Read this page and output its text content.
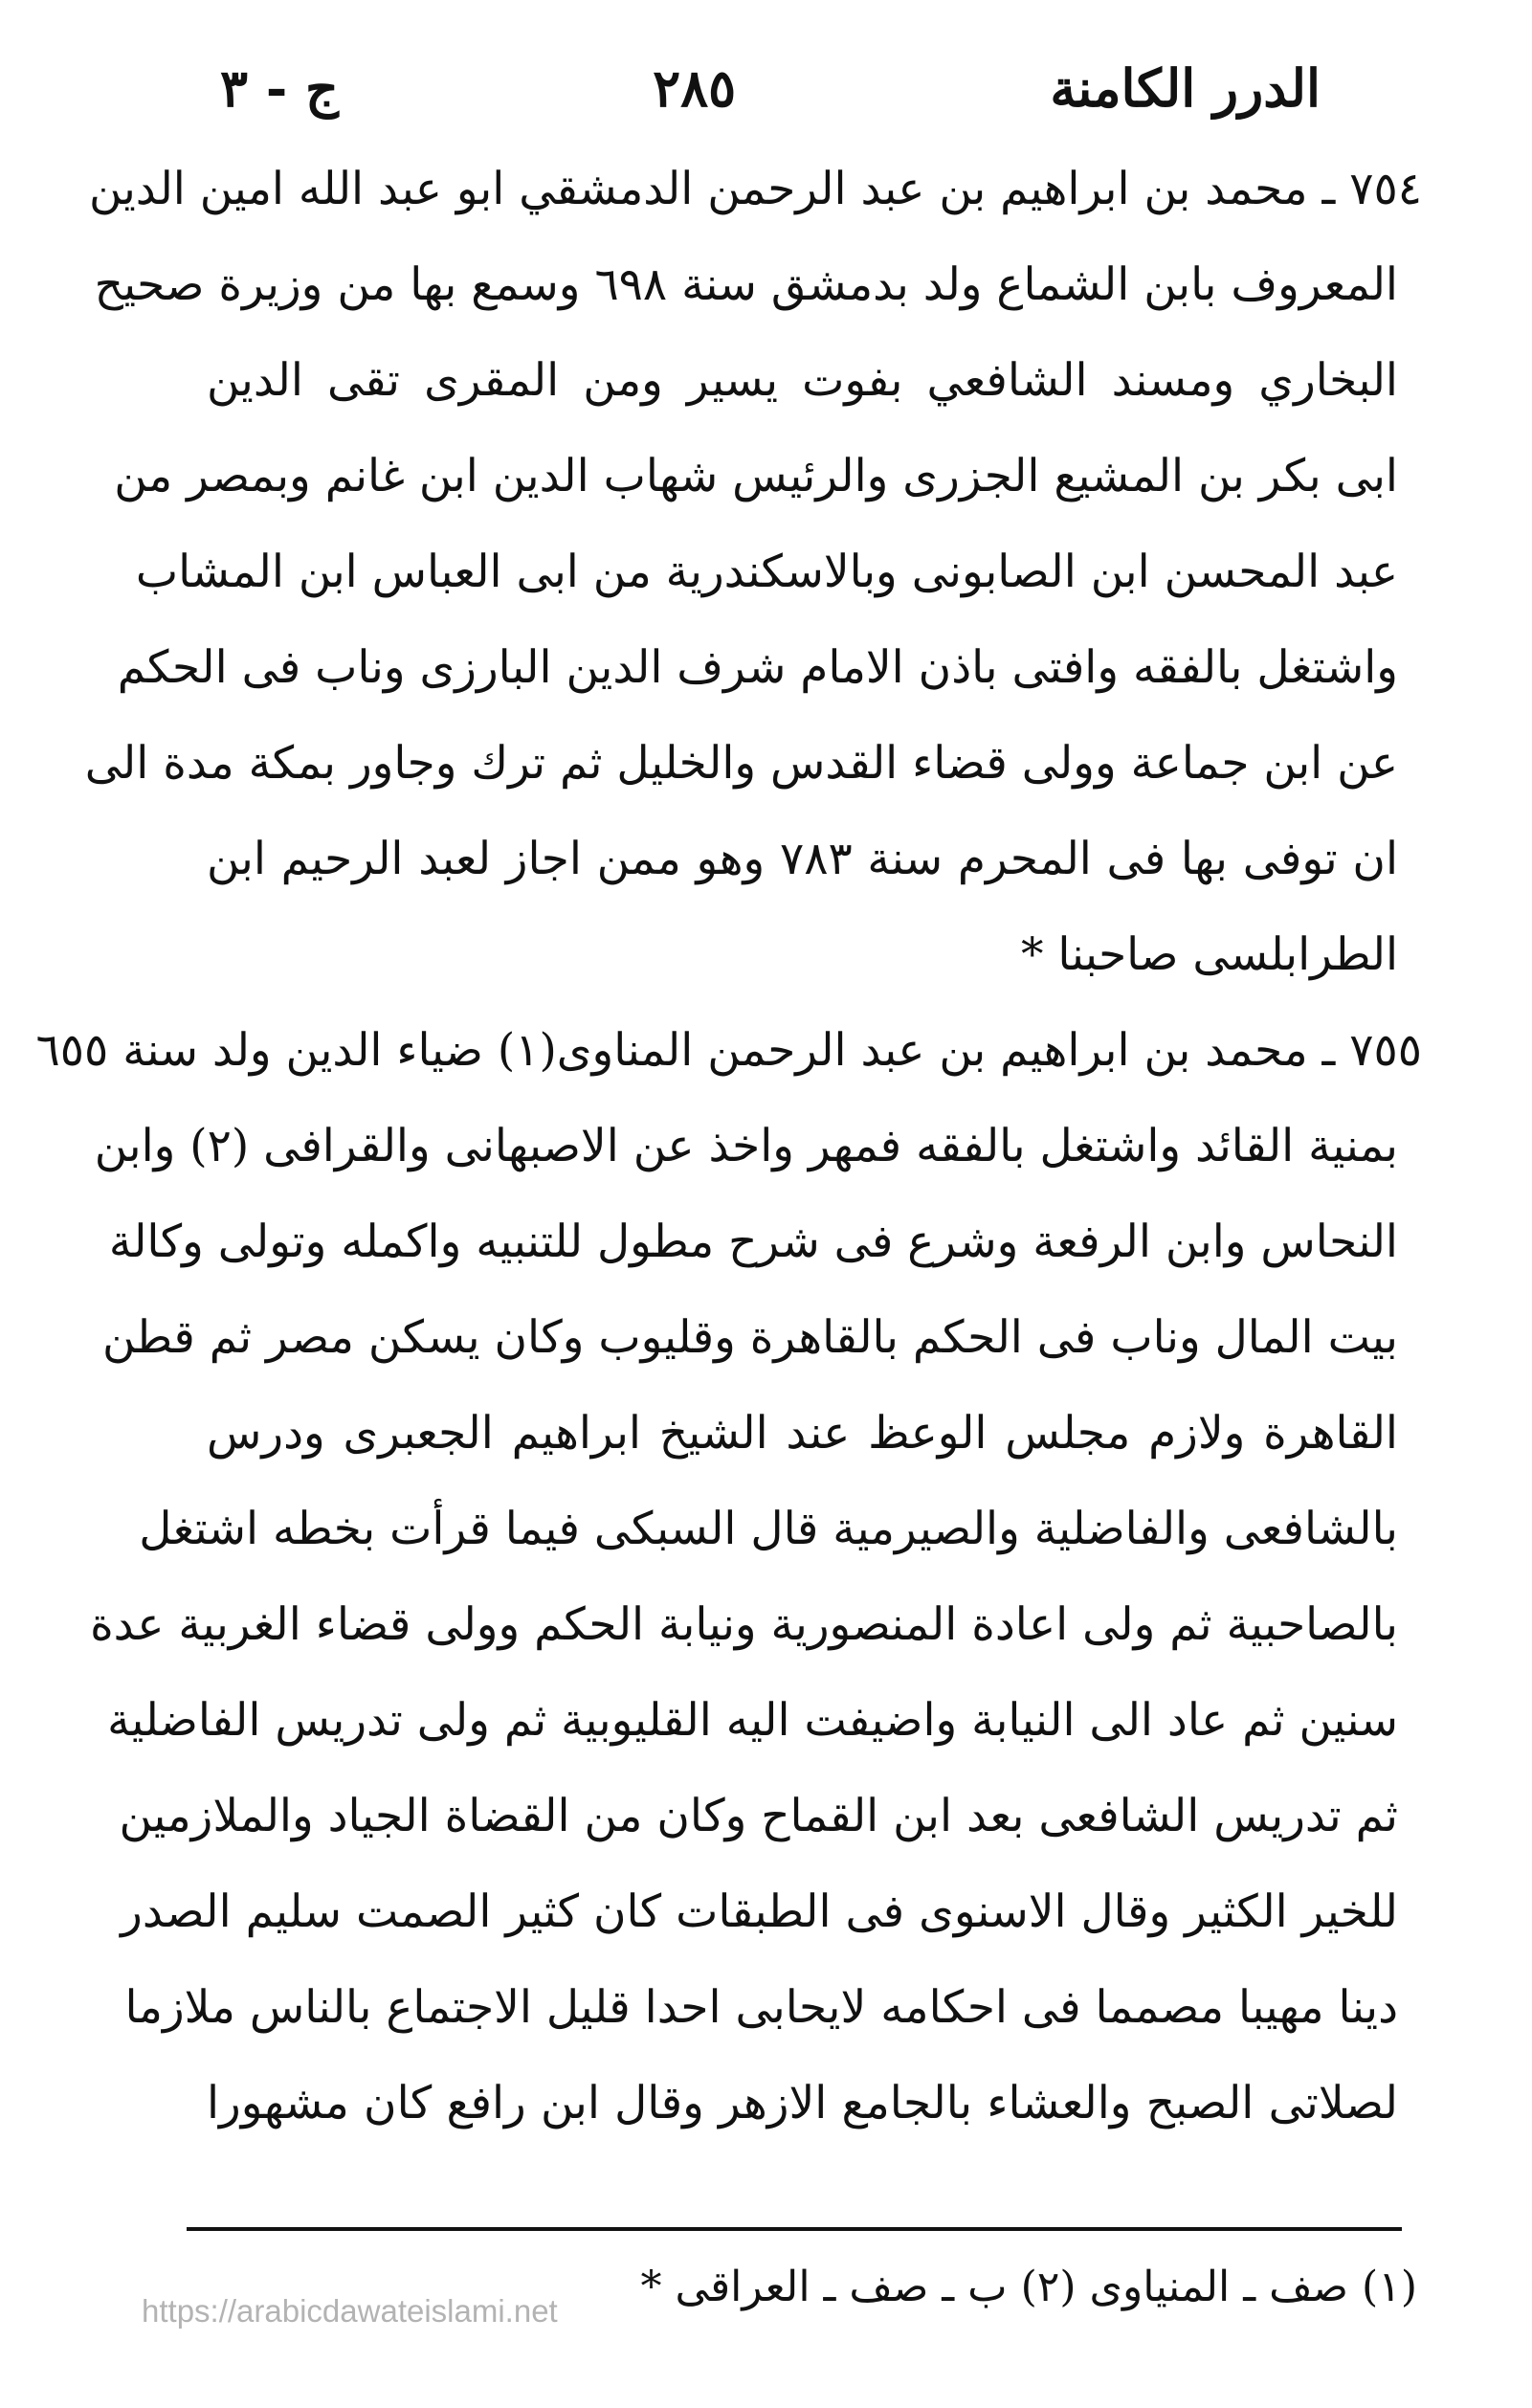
الدرر الكامنة
٢٨٥
ج - ٣
٧٥٤ ـ محمد بن ابراهيم بن عبد الرحمن الدمشقي ابو عبد الله امين الدين
المعروف بابن الشماع ولد بدمشق سنة ٦٩٨ وسمع بها من وزيرة صحيح
البخاري ومسند الشافعي بفوت يسير ومن المقرى تقى الدين
ابى بكر بن المشيع الجزرى والرئيس شهاب الدين ابن غانم وبمصر من
عبد المحسن ابن الصابونى وبالاسكندرية من ابى العباس ابن المشاب
واشتغل بالفقه وافتى باذن الامام شرف الدين البارزى وناب فى الحكم
عن ابن جماعة وولى قضاء القدس والخليل ثم ترك وجاور بمكة مدة الى
ان توفى بها فى المحرم سنة ٧٨٣ وهو ممن اجاز لعبد الرحيم ابن
الطرابلسى صاحبنا *
٧٥٥ ـ محمد بن ابراهيم بن عبد الرحمن المناوى(١) ضياء الدين ولد سنة ٦٥٥
بمنية القائد واشتغل بالفقه فمهر واخذ عن الاصبهانى والقرافى (٢) وابن
النحاس وابن الرفعة وشرع فى شرح مطول للتنبيه واكمله وتولى وكالة
بيت المال وناب فى الحكم بالقاهرة وقليوب وكان يسكن مصر ثم قطن
القاهرة ولازم مجلس الوعظ عند الشيخ ابراهيم الجعبرى ودرس
بالشافعى والفاضلية والصيرمية قال السبكى فيما قرأت بخطه اشتغل
بالصاحبية ثم ولى اعادة المنصورية ونيابة الحكم وولى قضاء الغربية عدة
سنين ثم عاد الى النيابة واضيفت اليه القليوبية ثم ولى تدريس الفاضلية
ثم تدريس الشافعى بعد ابن القماح وكان من القضاة الجياد والملازمين
للخير الكثير وقال الاسنوى فى الطبقات كان كثير الصمت سليم الصدر
دينا مهيبا مصمما فى احكامه لايحابى احدا قليل الاجتماع بالناس ملازما
لصلاتى الصبح والعشاء بالجامع الازهر وقال ابن رافع كان مشهورا
(١) صف ـ المنياوى (٢) ب ـ صف ـ العراقى *
https://arabicdawateislami.net
